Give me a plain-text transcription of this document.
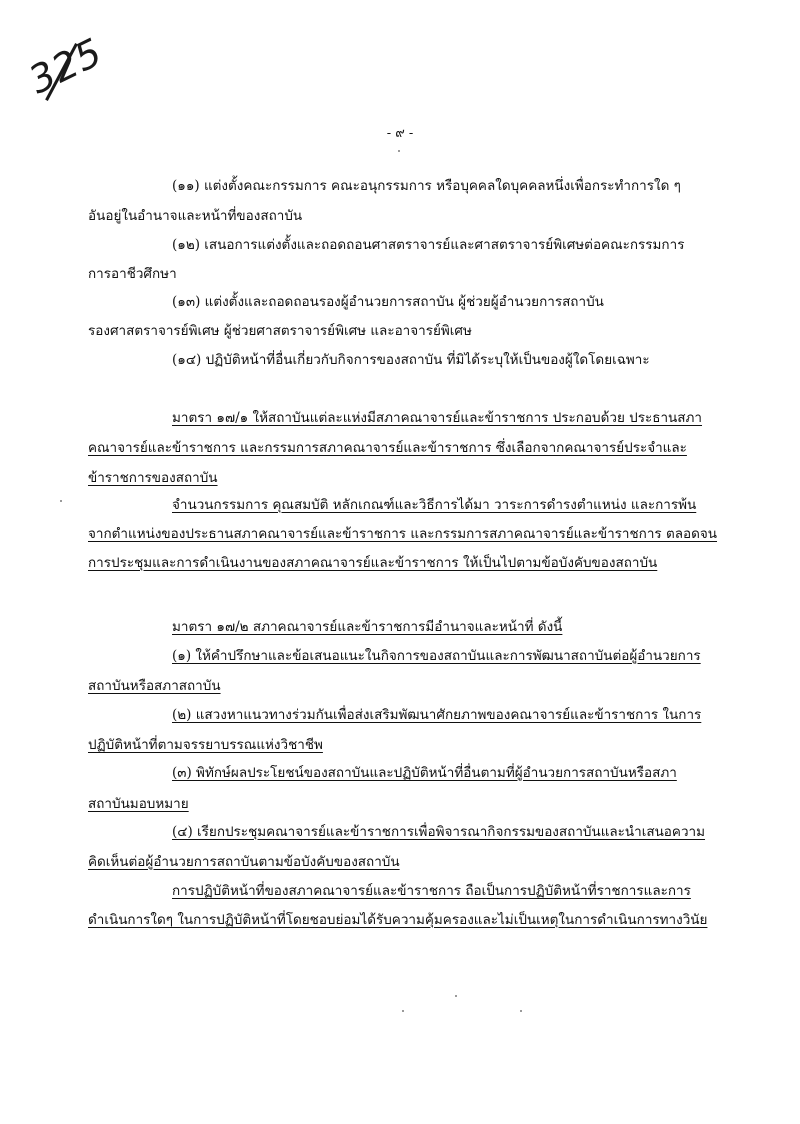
325
- ๙ -
(๑๑) แต่งตั้งคณะกรรมการ คณะอนุกรรมการ หรือบุคคลใดบุคคลหนึ่งเพื่อกระทำการใด ๆ
อันอยู่ในอำนาจและหน้าที่ของสถาบัน
(๑๒) เสนอการแต่งตั้งและถอดถอนศาสตราจารย์และศาสตราจารย์พิเศษต่อคณะกรรมการ
การอาชีวศึกษา
(๑๓) แต่งตั้งและถอดถอนรองผู้อำนวยการสถาบัน ผู้ช่วยผู้อำนวยการสถาบัน
รองศาสตราจารย์พิเศษ ผู้ช่วยศาสตราจารย์พิเศษ และอาจารย์พิเศษ
(๑๔) ปฏิบัติหน้าที่อื่นเกี่ยวกับกิจการของสถาบัน ที่มิได้ระบุให้เป็นของผู้ใดโดยเฉพาะ
มาตรา ๑๗/๑ ให้สถาบันแต่ละแห่งมีสภาคณาจารย์และข้าราชการ ประกอบด้วย ประธานสภา
คณาจารย์และข้าราชการ และกรรมการสภาคณาจารย์และข้าราชการ ซึ่งเลือกจากคณาจารย์ประจำและ
ข้าราชการของสถาบัน
จำนวนกรรมการ คุณสมบัติ หลักเกณฑ์และวิธีการได้มา วาระการดำรงตำแหน่ง และการพ้น
จากตำแหน่งของประธานสภาคณาจารย์และข้าราชการ และกรรมการสภาคณาจารย์และข้าราชการ ตลอดจน
การประชุมและการดำเนินงานของสภาคณาจารย์และข้าราชการ ให้เป็นไปตามข้อบังคับของสถาบัน
มาตรา ๑๗/๒ สภาคณาจารย์และข้าราชการมีอำนาจและหน้าที่ ดังนี้
(๑) ให้คำปรึกษาและข้อเสนอแนะในกิจการของสถาบันและการพัฒนาสถาบันต่อผู้อำนวยการ
สถาบันหรือสภาสถาบัน
(๒) แสวงหาแนวทางร่วมกันเพื่อส่งเสริมพัฒนาศักยภาพของคณาจารย์และข้าราชการ ในการ
ปฏิบัติหน้าที่ตามจรรยาบรรณแห่งวิชาชีพ
(๓) พิทักษ์ผลประโยชน์ของสถาบันและปฏิบัติหน้าที่อื่นตามที่ผู้อำนวยการสถาบันหรือสภา
สถาบันมอบหมาย
(๔) เรียกประชุมคณาจารย์และข้าราชการเพื่อพิจารณากิจกรรมของสถาบันและนำเสนอความ
คิดเห็นต่อผู้อำนวยการสถาบันตามข้อบังคับของสถาบัน
การปฏิบัติหน้าที่ของสภาคณาจารย์และข้าราชการ ถือเป็นการปฏิบัติหน้าที่ราชการและการ
ดำเนินการใดๆ ในการปฏิบัติหน้าที่โดยชอบย่อมได้รับความคุ้มครองและไม่เป็นเหตุในการดำเนินการทางวินัย
